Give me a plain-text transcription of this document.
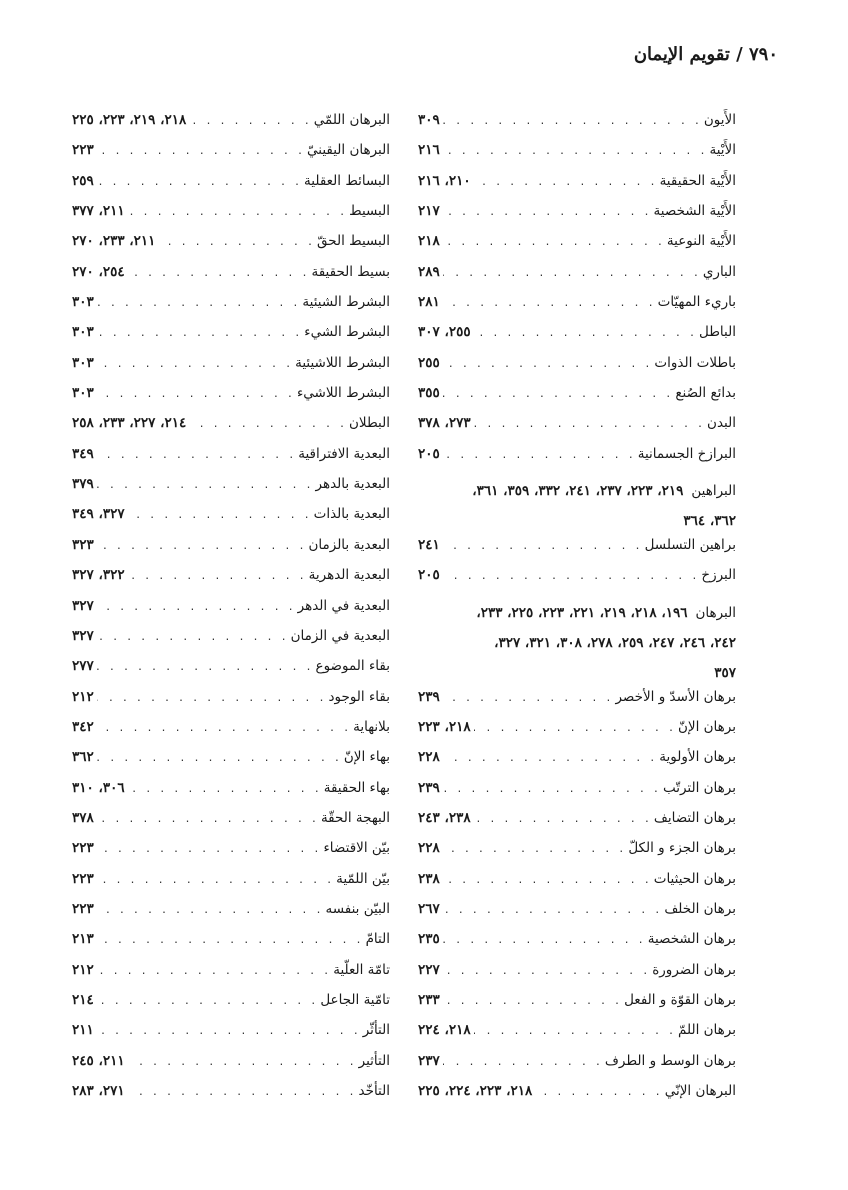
٧٩٠ / تقويم الإيمان
الأَيون
. . .
٣٠٩
الأَيْية
. . .
٢١٦
الأَيْية الحقيقية
. . .
٢١٠، ٢١٦
الأَيْية الشخصية
. . .
٢١٧
الأَيْية النوعية
. . .
٢١٨
الباري
. . .
٢٨٩
باريء المهيّات
. . .
٢٨١
الباطل
. . .
٢٥٥، ٣٠٧
باطلات الذوات
. . .
٢٥٥
بدائع الصُنع
. . .
٣٥٥
البدن
. . .
٢٧٣، ٣٧٨
البرازخ الجسمانية
. . .
٢٠٥
البراهين
٢١٩، ٢٢٣، ٢٣٧، ٢٤١، ٣٣٢، ٣٥٩، ٣٦١،
٣٦٢، ٣٦٤
براهين التسلسل
. . .
٢٤١
البرزخ
. . .
٢٠٥
البرهان
١٩٦، ٢١٨، ٢١٩، ٢٢١، ٢٢٣، ٢٢٥، ٢٣٣،
٢٤٢، ٢٤٦، ٢٤٧، ٢٥٩، ٢٧٨، ٣٠٨، ٣٢١، ٣٢٧،
٣٥٧
برهان الأسدّ و الأخصر
. . .
٢٣٩
برهان الإنّ
. . .
٢١٨، ٢٢٣
برهان الأولوية
. . .
٢٢٨
برهان الترتّب
. . .
٢٣٩
برهان التضايف
. . .
٢٣٨، ٢٤٣
برهان الجزء و الكلّ
. . .
٢٢٨
برهان الحيثيات
. . .
٢٣٨
برهان الخلف
. . .
٢٦٧
برهان الشخصية
. . .
٢٣٥
برهان الضرورة
. . .
٢٢٧
برهان القوّة و الفعل
. . .
٢٣٣
برهان اللمّ
. . .
٢١٨، ٢٢٤
برهان الوسط و الطرف
. . .
٢٣٧
البرهان الإنّي
. . .
٢١٨، ٢٢٣، ٢٢٤، ٢٢٥
البرهان اللمّي
. . .
٢١٨، ٢١٩، ٢٢٣، ٢٢٥
البرهان اليقينيّ
. . .
٢٢٣
البسائط العقلية
. . .
٢٥٩
البسيط
. . .
٢١١، ٣٧٧
البسيط الحقّ
. . .
٢١١، ٢٣٣، ٢٧٠
بسيط الحقيقة
. . .
٢٥٤، ٢٧٠
البشرط الشيئية
. . .
٣٠٣
البشرط الشيء
. . .
٣٠٣
البشرط اللاشيئية
. . .
٣٠٣
البشرط اللاشيء
. . .
٣٠٣
البطلان
. . .
٢١٤، ٢٢٧، ٢٣٣، ٢٥٨
البعدية الافتراقية
. . .
٣٤٩
البعدية بالدهر
. . .
٣٧٩
البعدية بالذات
. . .
٣٢٧، ٣٤٩
البعدية بالزمان
. . .
٣٢٣
البعدية الدهرية
. . .
٣٢٢، ٣٢٧
البعدية في الدهر
. . .
٣٢٧
البعدية في الزمان
. . .
٣٢٧
بقاء الموضوع
. . .
٢٧٧
بقاء الوجود
. . .
٢١٢
بلانهاية
. . .
٣٤٢
بهاء الإنّ
. . .
٣٦٢
بهاء الحقيقة
. . .
٣٠٦، ٣١٠
البهجة الحقّة
. . .
٣٧٨
بيّن الاقتضاء
. . .
٢٢٣
بيّن اللمّية
. . .
٢٢٣
البيّن بنفسه
. . .
٢٢٣
التامّ
. . .
٢١٣
تامّة العلّية
. . .
٢١٢
تامّية الجاعل
. . .
٢١٤
التأثّر
. . .
٢١١
التأثير
. . .
٢١١، ٢٤٥
التأخّد
. . .
٢٧١، ٢٨٣
